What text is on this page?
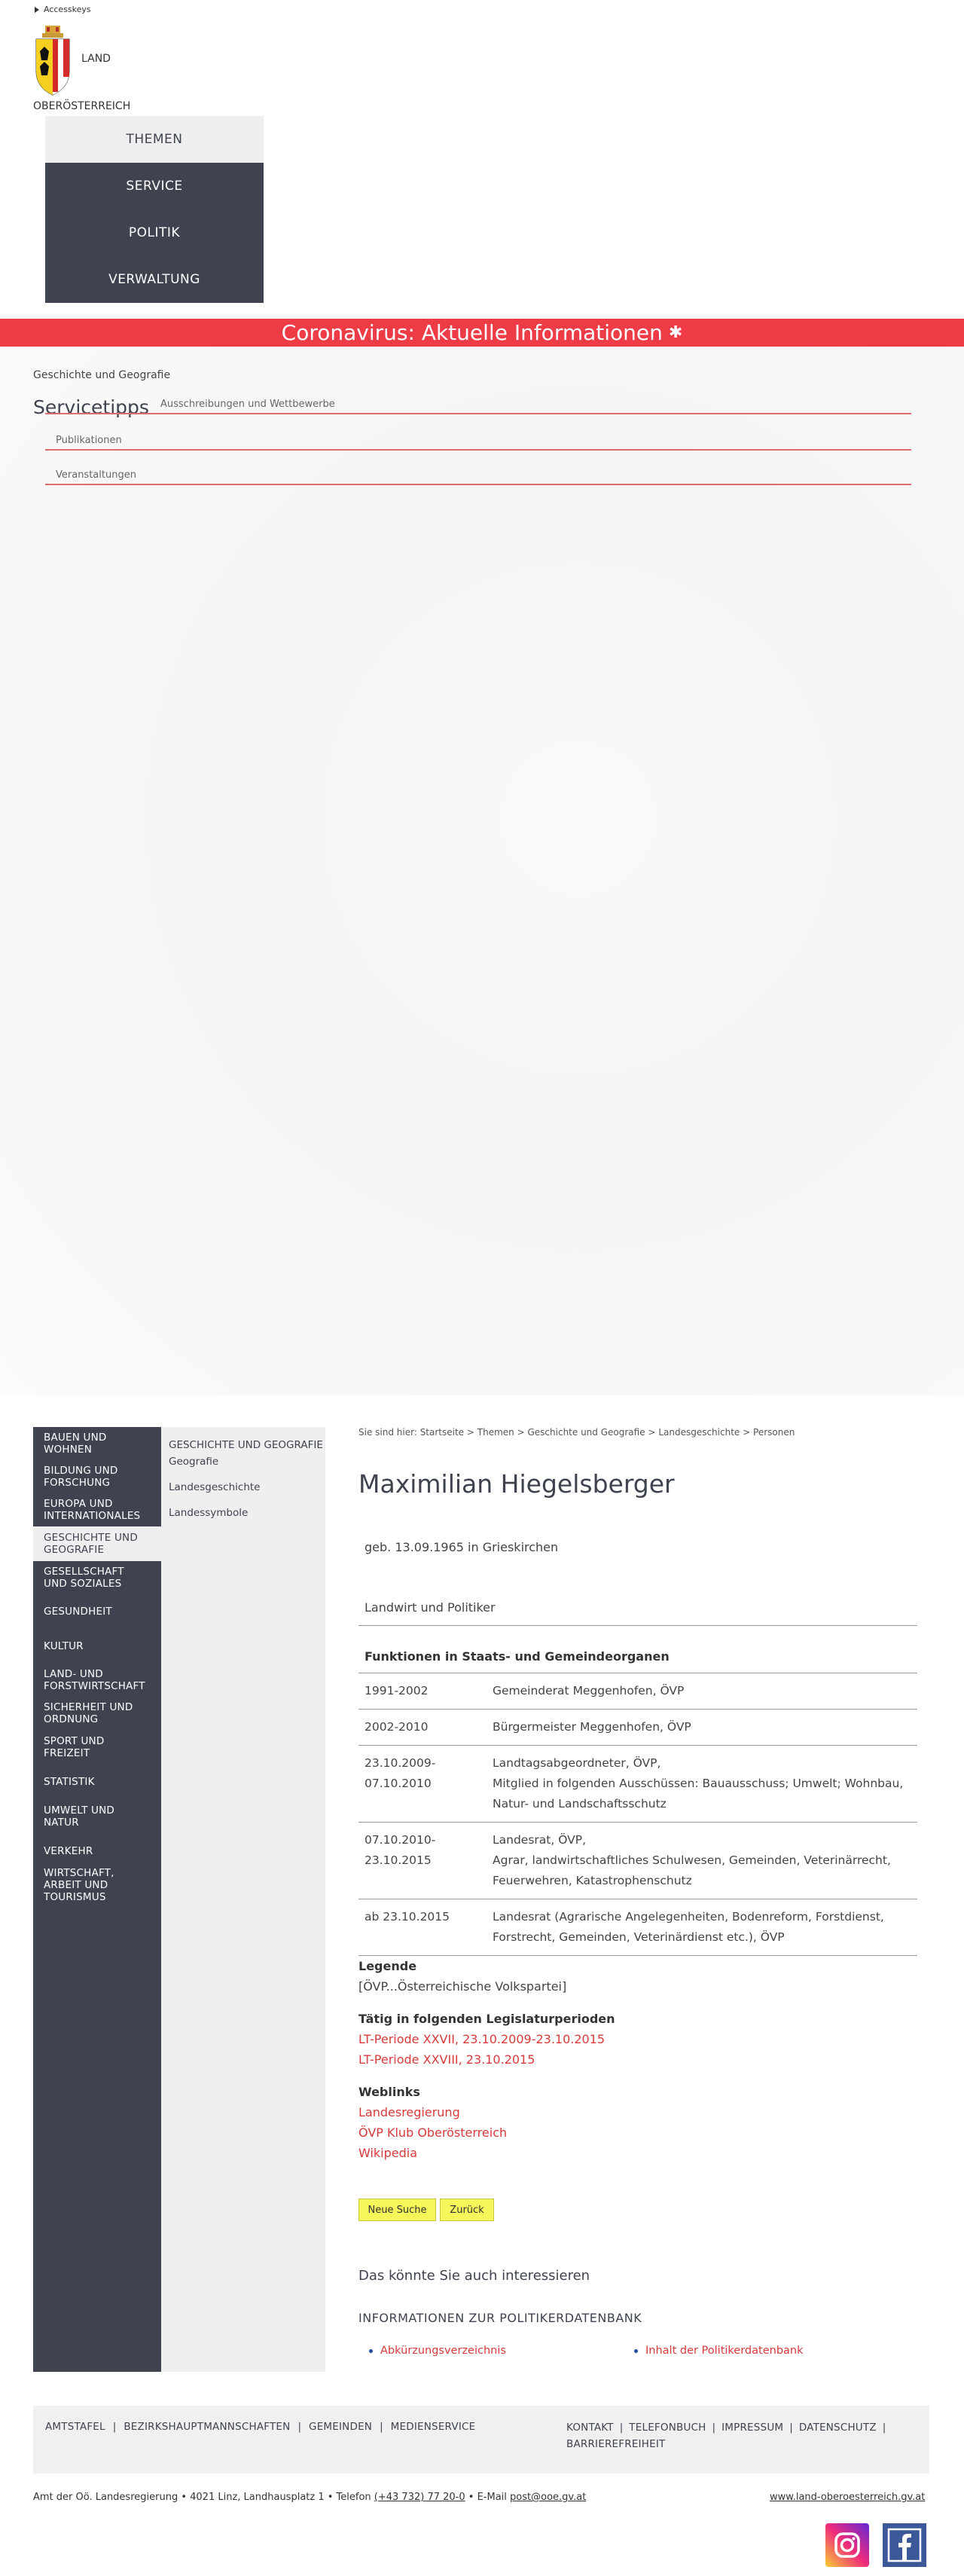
Accesskeys
LAND
OBERÖSTERREICH
THEMEN
SERVICE
POLITIK
VERWALTUNG
Coronavirus: Aktuelle Informationen ✱
Geschichte und Geografie
Servicetipps Ausschreibungen und Wettbewerbe
Publikationen
Veranstaltungen
BAUEN UND WOHNEN
BILDUNG UND FORSCHUNG
EUROPA UND INTERNATIONALES
GESCHICHTE UND GEOGRAFIE
GESELLSCHAFT UND SOZIALES
GESUNDHEIT
KULTUR
LAND- UND FORSTWIRTSCHAFT
SICHERHEIT UND ORDNUNG
SPORT UND FREIZEIT
STATISTIK
UMWELT UND NATUR
VERKEHR
WIRTSCHAFT, ARBEIT UND TOURISMUS
GESCHICHTE UND GEOGRAFIE
Geografie
Landesgeschichte
Landessymbole
Sie sind hier: Startseite > Themen > Geschichte und Geografie > Landesgeschichte > Personen
Maximilian Hiegelsberger
geb. 13.09.1965 in Grieskirchen
Landwirt und Politiker
Funktionen in Staats- und Gemeindeorganen
1991-2002	Gemeinderat Meggenhofen, ÖVP
2002-2010	Bürgermeister Meggenhofen, ÖVP
23.10.2009-
07.10.2010	Landtagsabgeordneter, ÖVP,
Mitglied in folgenden Ausschüssen: Bauausschuss; Umwelt; Wohnbau, Natur- und Landschaftsschutz
07.10.2010-
23.10.2015	Landesrat, ÖVP,
Agrar, landwirtschaftliches Schulwesen, Gemeinden, Veterinärrecht, Feuerwehren, Katastrophenschutz
ab 23.10.2015	Landesrat (Agrarische Angelegenheiten, Bodenreform, Forstdienst, Forstrecht, Gemeinden, Veterinärdienst etc.), ÖVP
Legende
[ÖVP...Österreichische Volkspartei]
Tätig in folgenden Legislaturperioden
LT-Periode XXVII, 23.10.2009-23.10.2015
LT-Periode XXVIII, 23.10.2015
Weblinks
Landesregierung
ÖVP Klub Oberösterreich
Wikipedia
Neue Suche	Zurück
Das könnte Sie auch interessieren
INFORMATIONEN ZUR POLITIKERDATENBANK
Abkürzungsverzeichnis	Inhalt der Politikerdatenbank
AMTSTAFEL | BEZIRKSHAUPTMANNSCHAFTEN | GEMEINDEN | MEDIENSERVICE	KONTAKT | TELEFONBUCH | IMPRESSUM | DATENSCHUTZ |
BARRIEREFREIHEIT
Amt der Oö. Landesregierung • 4021 Linz, Landhausplatz 1 • Telefon (+43 732) 77 20-0 • E-Mail post@ooe.gv.at	www.land-oberoesterreich.gv.at
